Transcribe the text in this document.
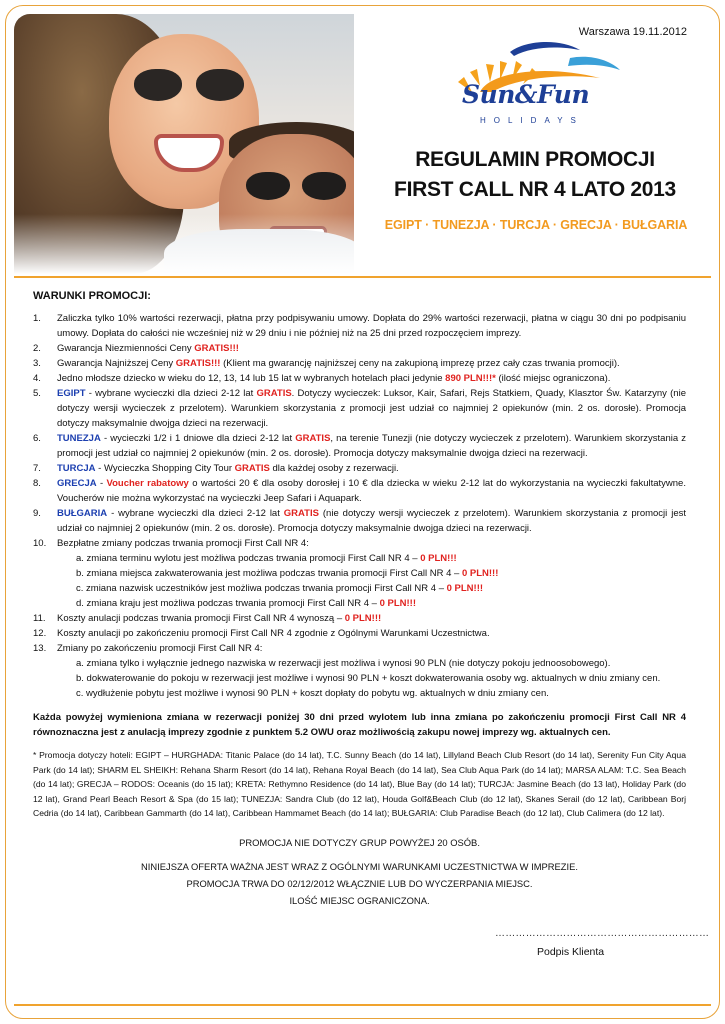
Warszawa 19.11.2012
Sun&Fun
HOLIDAYS
REGULAMIN PROMOCJI
FIRST CALL NR 4 LATO 2013
EGIPT · TUNEZJA · TURCJA · GRECJA · BUŁGARIA
WARUNKI PROMOCJI:
1. Zaliczka tylko 10% wartości rezerwacji, płatna przy podpisywaniu umowy. Dopłata do 29% wartości rezerwacji, płatna w ciągu 30 dni po podpisaniu umowy. Dopłata do całości nie wcześniej niż w 29 dniu i nie później niż na 25 dni przed rozpoczęciem imprezy.
2. Gwarancja Niezmienności Ceny GRATIS!!!
3. Gwarancja Najniższej Ceny GRATIS!!! (Klient ma gwarancję najniższej ceny na zakupioną imprezę przez cały czas trwania promocji).
4. Jedno młodsze dziecko w wieku do 12, 13, 14 lub 15 lat w wybranych hotelach płaci jedynie 890 PLN!!!* (ilość miejsc ograniczona).
5. EGIPT - wybrane wycieczki dla dzieci 2-12 lat GRATIS. Dotyczy wycieczek: Luksor, Kair, Safari, Rejs Statkiem, Quady, Klasztor Św. Katarzyny (nie dotyczy wersji wycieczek z przelotem). Warunkiem skorzystania z promocji jest udział co najmniej 2 opiekunów (min. 2 os. dorosłe). Promocja dotyczy maksymalnie dwojga dzieci na rezerwacji.
6. TUNEZJA - wycieczki 1/2 i 1 dniowe dla dzieci 2-12 lat GRATIS, na terenie Tunezji (nie dotyczy wycieczek z przelotem). Warunkiem skorzystania z promocji jest udział co najmniej 2 opiekunów (min. 2 os. dorosłe). Promocja dotyczy maksymalnie dwojga dzieci na rezerwacji.
7. TURCJA - Wycieczka Shopping City Tour GRATIS dla każdej osoby z rezerwacji.
8. GRECJA - Voucher rabatowy o wartości 20 € dla osoby dorosłej i 10 € dla dziecka w wieku 2-12 lat do wykorzystania na wycieczki fakultatywne. Voucherów nie można wykorzystać na wycieczki Jeep Safari i Aquapark.
9. BUŁGARIA - wybrane wycieczki dla dzieci 2-12 lat GRATIS (nie dotyczy wersji wycieczek z przelotem). Warunkiem skorzystania z promocji jest udział co najmniej 2 opiekunów (min. 2 os. dorosłe). Promocja dotyczy maksymalnie dwojga dzieci na rezerwacji.
10. Bezpłatne zmiany podczas trwania promocji First Call NR 4:
a. zmiana terminu wylotu jest możliwa podczas trwania promocji First Call NR 4 – 0 PLN!!!
b. zmiana miejsca zakwaterowania jest możliwa podczas trwania promocji First Call NR 4 – 0 PLN!!!
c. zmiana nazwisk uczestników jest możliwa podczas trwania promocji First Call NR 4 – 0 PLN!!!
d. zmiana kraju jest możliwa podczas trwania promocji First Call NR 4 – 0 PLN!!!
11. Koszty anulacji podczas trwania promocji First Call NR 4 wynoszą – 0 PLN!!!
12. Koszty anulacji po zakończeniu promocji First Call NR 4 zgodnie z Ogólnymi Warunkami Uczestnictwa.
13. Zmiany po zakończeniu promocji First Call NR 4:
a. zmiana tylko i wyłącznie jednego nazwiska w rezerwacji jest możliwa i wynosi 90 PLN (nie dotyczy pokoju jednoosobowego).
b. dokwaterowanie do pokoju w rezerwacji jest możliwe i wynosi 90 PLN + koszt dokwaterowania osoby wg. aktualnych w dniu zmiany cen.
c. wydłużenie pobytu jest możliwe i wynosi 90 PLN + koszt dopłaty do pobytu wg. aktualnych w dniu zmiany cen.
Każda powyżej wymieniona zmiana w rezerwacji poniżej 30 dni przed wylotem lub inna zmiana po zakończeniu promocji First Call NR 4 równoznaczna jest z anulacją imprezy zgodnie z punktem 5.2 OWU oraz możliwością zakupu nowej imprezy wg. aktualnych cen.
* Promocja dotyczy hoteli: EGIPT – HURGHADA: Titanic Palace (do 14 lat), T.C. Sunny Beach (do 14 lat), Lillyland Beach Club Resort (do 14 lat), Serenity Fun City Aqua Park (do 14 lat); SHARM EL SHEIKH: Rehana Sharm Resort (do 14 lat), Rehana Royal Beach (do 14 lat), Sea Club Aqua Park (do 14 lat); MARSA ALAM: T.C. Sea Beach (do 14 lat); GRECJA – RODOS: Oceanis (do 15 lat); KRETA: Rethymno Residence (do 14 lat), Blue Bay (do 14 lat); TURCJA: Jasmine Beach (do 13 lat), Holiday Park (do 12 lat), Grand Pearl Beach Resort & Spa (do 15 lat); TUNEZJA: Sandra Club (do 12 lat), Houda Golf&Beach Club (do 12 lat), Skanes Serail (do 12 lat), Caribbean Borj Cedria (do 14 lat), Caribbean Gammarth (do 14 lat), Caribbean Hammamet Beach (do 14 lat); BUŁGARIA: Club Paradise Beach (do 12 lat), Club Calimera (do 12 lat).
PROMOCJA NIE DOTYCZY GRUP POWYŻEJ 20 OSÓB.
NINIEJSZA OFERTA WAŻNA JEST WRAZ Z OGÓLNYMI WARUNKAMI UCZESTNICTWA W IMPREZIE.
PROMOCJA TRWA DO 02/12/2012 WŁĄCZNIE LUB DO WYCZERPANIA MIEJSC.
ILOŚĆ MIEJSC OGRANICZONA.
………………………………………………………
Podpis Klienta
